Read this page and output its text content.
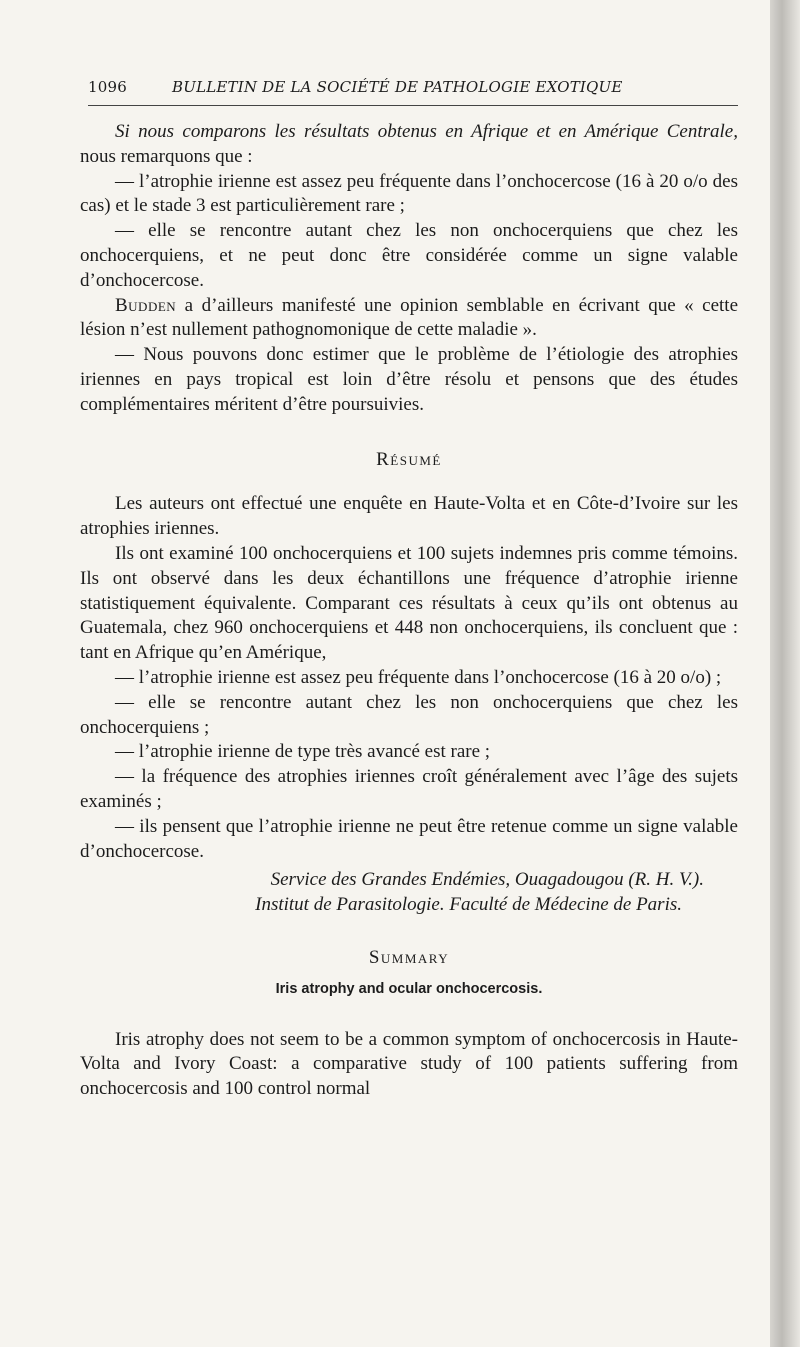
1096	BULLETIN DE LA SOCIÉTÉ DE PATHOLOGIE EXOTIQUE

Si nous comparons les résultats obtenus en Afrique et en Amérique Centrale, nous remarquons que :

— l’atrophie irienne est assez peu fréquente dans l’onchocercose (16 à 20 o/o des cas) et le stade 3 est particulièrement rare ;

— elle se rencontre autant chez les non onchocerquiens que chez les onchocerquiens, et ne peut donc être considérée comme un signe valable d’onchocercose.

Budden a d’ailleurs manifesté une opinion semblable en écrivant que « cette lésion n’est nullement pathognomonique de cette maladie ».

— Nous pouvons donc estimer que le problème de l’étiologie des atrophies iriennes en pays tropical est loin d’être résolu et pensons que des études complémentaires méritent d’être poursuivies.

Résumé

Les auteurs ont effectué une enquête en Haute-Volta et en Côte-d’Ivoire sur les atrophies iriennes.

Ils ont examiné 100 onchocerquiens et 100 sujets indemnes pris comme témoins. Ils ont observé dans les deux échantillons une fréquence d’atrophie irienne statistiquement équivalente. Comparant ces résultats à ceux qu’ils ont obtenus au Guatemala, chez 960 onchocerquiens et 448 non onchocerquiens, ils concluent que : tant en Afrique qu’en Amérique,

— l’atrophie irienne est assez peu fréquente dans l’onchocercose (16 à 20 o/o) ;

— elle se rencontre autant chez les non onchocerquiens que chez les onchocerquiens ;

— l’atrophie irienne de type très avancé est rare ;

— la fréquence des atrophies iriennes croît généralement avec l’âge des sujets examinés ;

— ils pensent que l’atrophie irienne ne peut être retenue comme un signe valable d’onchocercose.

Service des Grandes Endémies, Ouagadougou (R. H. V.).

Institut de Parasitologie. Faculté de Médecine de Paris.

Summary

Iris atrophy and ocular onchocercosis.

Iris atrophy does not seem to be a common symptom of onchocercosis in Haute-Volta and Ivory Coast: a comparative study of 100 patients suffering from onchocercosis and 100 control normal
